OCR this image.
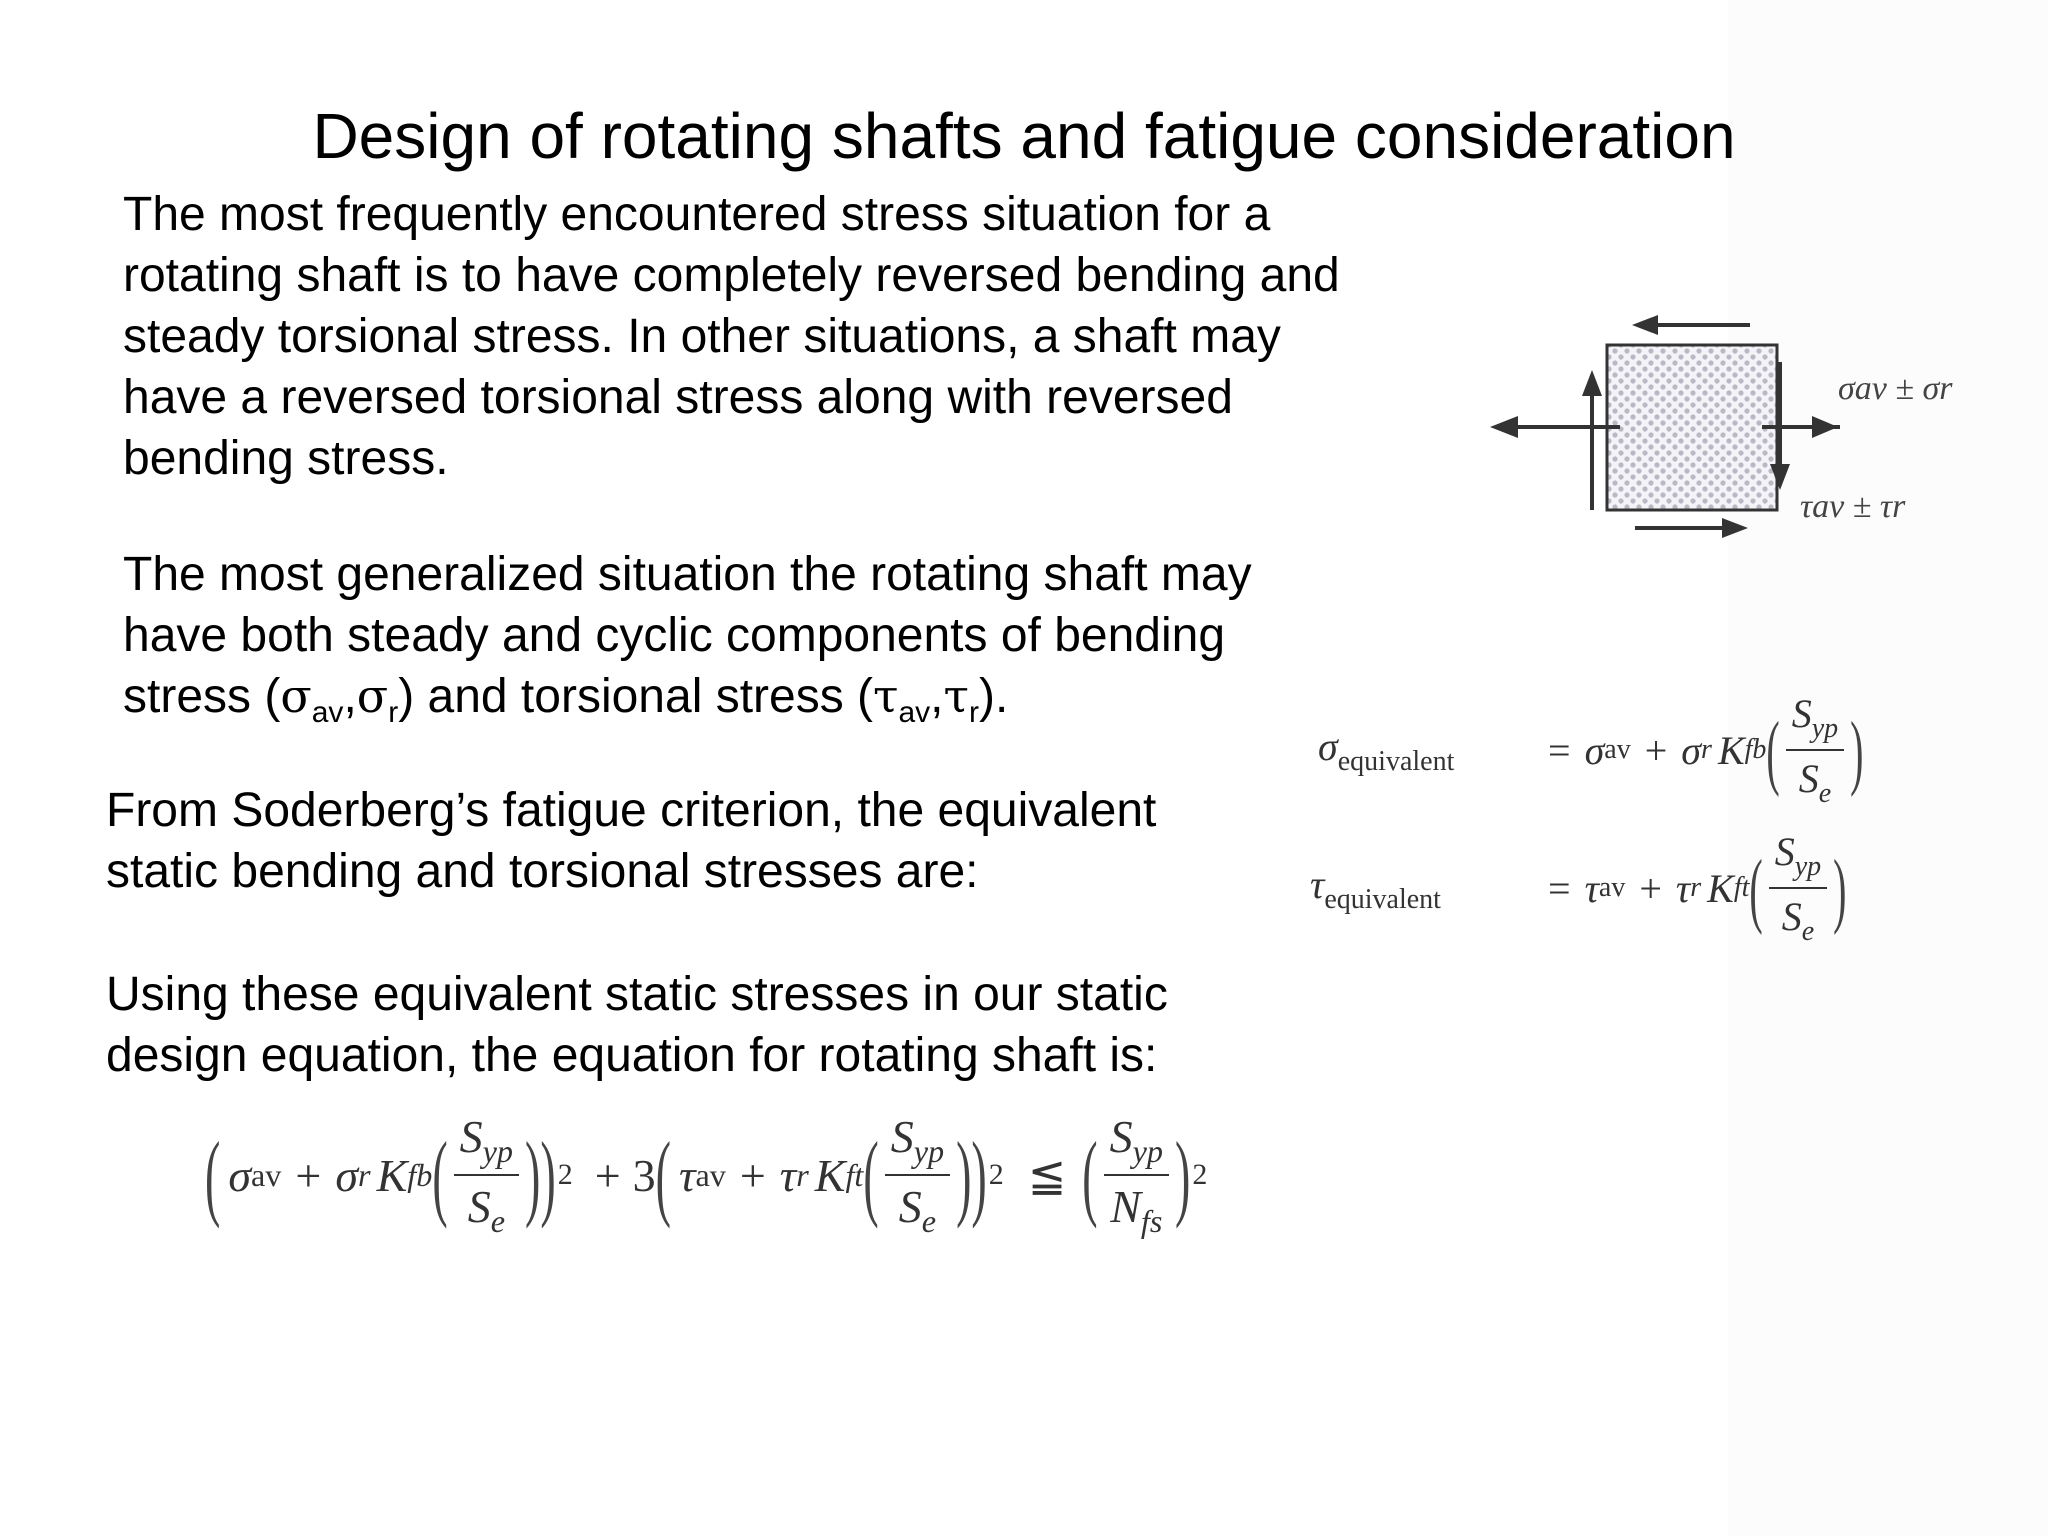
Design of rotating shafts and fatigue consideration

The most frequently encountered stress situation for a
rotating shaft is to have completely reversed bending and
steady torsional stress. In other situations, a shaft may
have a reversed torsional stress along with reversed
bending stress.

The most generalized situation the rotating shaft may
have both steady and cyclic components of bending
stress $(\sigma_{av},\sigma_r)$ and torsional stress $(\tau_{av},\tau_r)$.

From Soderberg’s fatigue criterion, the equivalent
static bending and torsional stresses are:

Using these equivalent static stresses in our static
design equation, the equation for rotating shaft is:

σav ± σr
τav ± τr
$\sigma_{equivalent}$	= σ av + σ r K fb ( $\frac{S_{yp}}{S_e}$ )
$\tau_{equivalent}$	= τ av + τ r K ft ( $\frac{S_{yp}}{S_e}$ )
( σ av + σ r K fb ( $\frac{S_{yp}}{S_e}$ ) ) 2 + 3 ( τ av + τ r K ft ( $\frac{S_{yp}}{S_e}$ ) ) 2 ≦ ( $\frac{S_{yp}}{N_{fs}}$ ) 2
